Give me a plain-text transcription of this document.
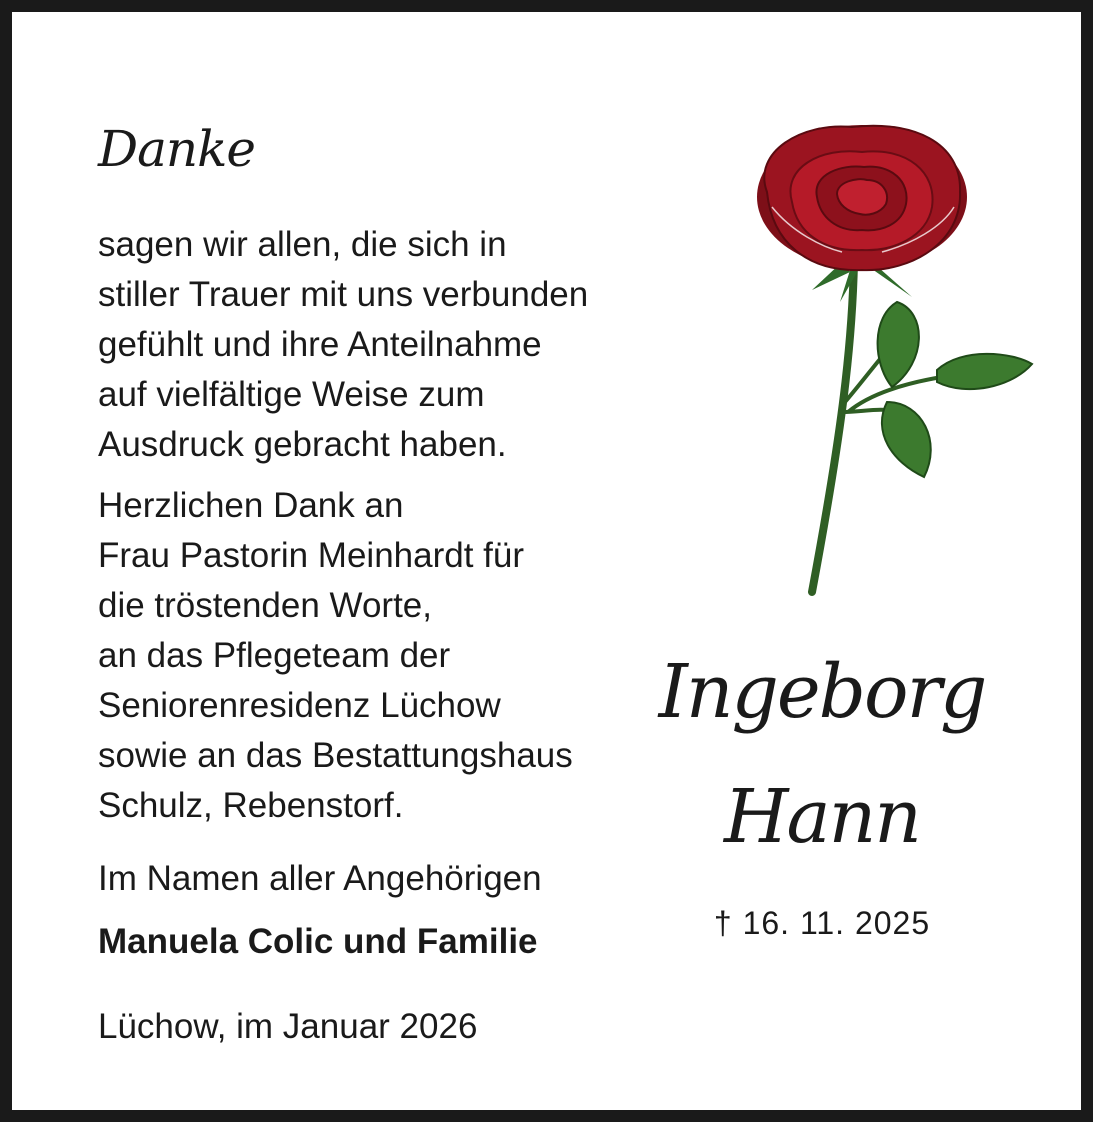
Danke
sagen wir allen, die sich in
stiller Trauer mit uns verbunden
gefühlt und ihre Anteilnahme
auf vielfältige Weise zum
Ausdruck gebracht haben.
Herzlichen Dank an
Frau Pastorin Meinhardt für
die tröstenden Worte,
an das Pflegeteam der
Seniorenresidenz Lüchow
sowie an das Bestattungshaus
Schulz, Rebenstorf.
Im Namen aller Angehörigen
Manuela Colic und Familie
Lüchow, im Januar 2026
Ingeborg
Hann
† 16. 11. 2025
